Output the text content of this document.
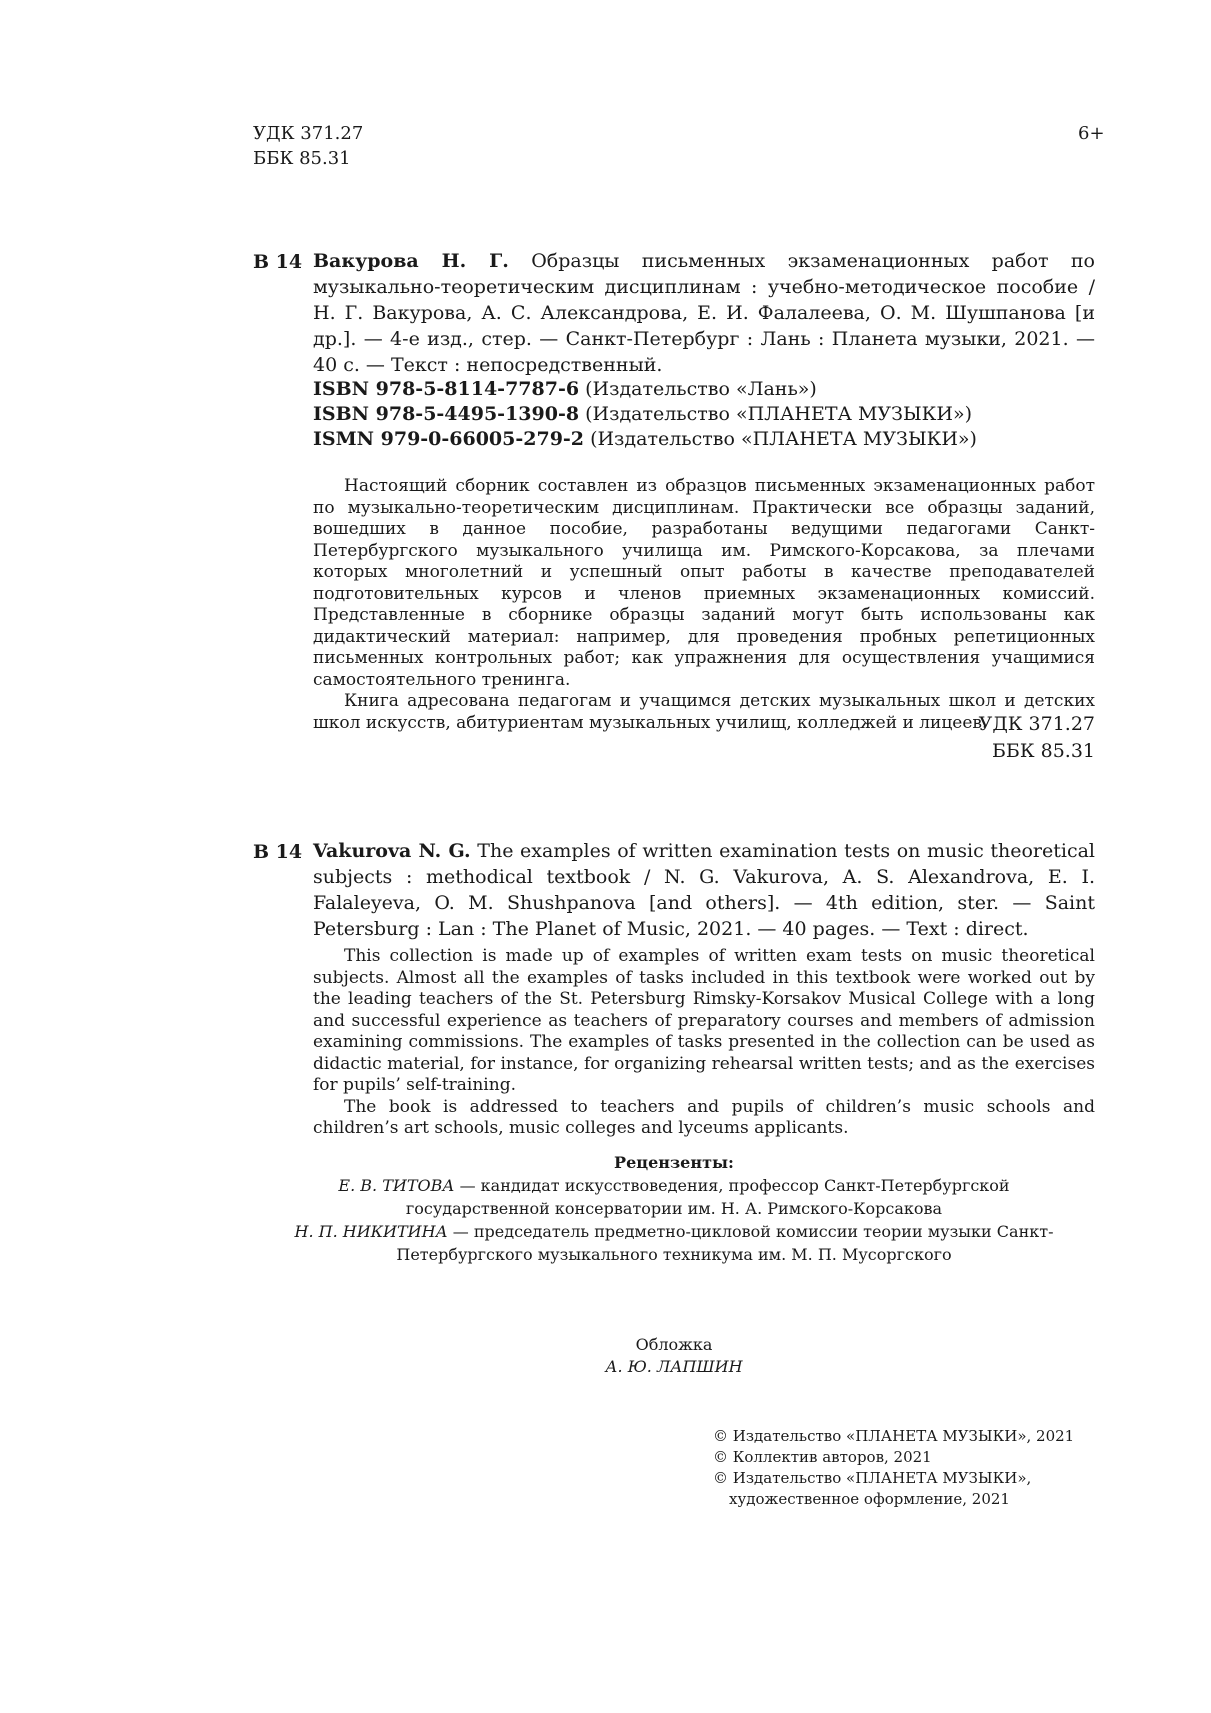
УДК 371.27
ББК 85.31
6+
В 14 Вакурова Н. Г. Образцы письменных экзаменационных работ по музыкально-теоретическим дисциплинам : учебно-методическое пособие / Н. Г. Вакурова, А. С. Александрова, Е. И. Фалалеева, О. М. Шушпанова [и др.]. — 4-е изд., стер. — Санкт-Петербург : Лань : Планета музыки, 2021. — 40 с. — Текст : непосредственный.
ISBN 978-5-8114-7787-6 (Издательство «Лань»)
ISBN 978-5-4495-1390-8 (Издательство «ПЛАНЕТА МУЗЫКИ»)
ISMN 979-0-66005-279-2 (Издательство «ПЛАНЕТА МУЗЫКИ»)

Настоящий сборник составлен из образцов письменных экзаменационных работ по музыкально-теоретическим дисциплинам. Практически все образцы заданий, вошедших в данное пособие, разработаны ведущими педагогами Санкт-Петербургского музыкального училища им. Римского-Корсакова, за плечами которых многолетний и успешный опыт работы в качестве преподавателей подготовительных курсов и членов приемных экзаменационных комиссий. Представленные в сборнике образцы заданий могут быть использованы как дидактический материал: например, для проведения пробных репетиционных письменных контрольных работ; как упражнения для осуществления учащимися самостоятельного тренинга.

Книга адресована педагогам и учащимся детских музыкальных школ и детских школ искусств, абитуриентам музыкальных училищ, колледжей и лицеев.

УДК 371.27
ББК 85.31
В 14 Vakurova N. G. The examples of written examination tests on music theoretical subjects : methodical textbook / N. G. Vakurova, A. S. Alexandrova, E. I. Falaleyeva, O. M. Shushpanova [and others]. — 4th edition, ster. — Saint Petersburg : Lan : The Planet of Music, 2021. — 40 pages. — Text : direct.

This collection is made up of examples of written exam tests on music theoretical subjects. Almost all the examples of tasks included in this textbook were worked out by the leading teachers of the St. Petersburg Rimsky-Korsakov Musical College with a long and successful experience as teachers of preparatory courses and members of admission examining commissions. The examples of tasks presented in the collection can be used as didactic material, for instance, for organizing rehearsal written tests; and as the exercises for pupils’ self-training.

The book is addressed to teachers and pupils of children’s music schools and children’s art schools, music colleges and lyceums applicants.

Рецензенты:
Е. В. ТИТОВА — кандидат искусствоведения, профессор Санкт-Петербургской
государственной консерватории им. Н. А. Римского-Корсакова
Н. П. НИКИТИНА — председатель предметно-цикловой комиссии теории музыки Санкт-
Петербургского музыкального техникума им. М. П. Мусоргского
Обложка
А. Ю. ЛАПШИН
© Издательство «ПЛАНЕТА МУЗЫКИ», 2021
© Коллектив авторов, 2021
© Издательство «ПЛАНЕТА МУЗЫКИ», художественное оформление, 2021
